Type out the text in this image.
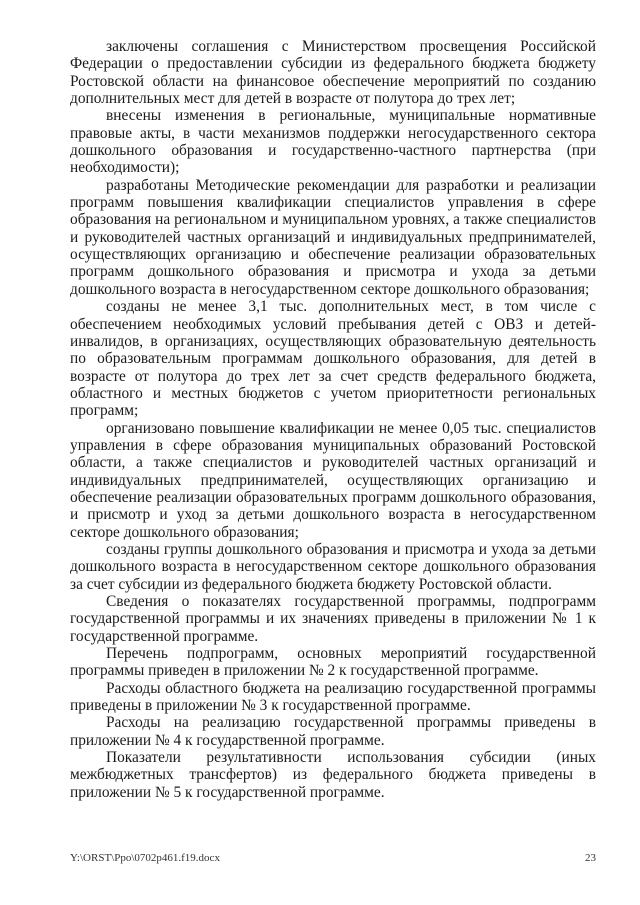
заключены соглашения с Министерством просвещения Российской Федерации о предоставлении субсидии из федерального бюджета бюджету Ростовской области на финансовое обеспечение мероприятий по созданию дополнительных мест для детей в возрасте от полутора до трех лет;

внесены изменения в региональные, муниципальные нормативные правовые акты, в части механизмов поддержки негосударственного сектора дошкольного образования и государственно-частного партнерства (при необходимости);

разработаны Методические рекомендации для разработки и реализации программ повышения квалификации специалистов управления в сфере образования на региональном и муниципальном уровнях, а также специалистов и руководителей частных организаций и индивидуальных предпринимателей, осуществляющих организацию и обеспечение реализации образовательных программ дошкольного образования и присмотра и ухода за детьми дошкольного возраста в негосударственном секторе дошкольного образования;

созданы не менее 3,1 тыс. дополнительных мест, в том числе с обеспечением необходимых условий пребывания детей с ОВЗ и детей-инвалидов, в организациях, осуществляющих образовательную деятельность по образовательным программам дошкольного образования, для детей в возрасте от полутора до трех лет за счет средств федерального бюджета, областного и местных бюджетов с учетом приоритетности региональных программ;

организовано повышение квалификации не менее 0,05 тыс. специалистов управления в сфере образования муниципальных образований Ростовской области, а также специалистов и руководителей частных организаций и индивидуальных предпринимателей, осуществляющих организацию и обеспечение реализации образовательных программ дошкольного образования, и присмотр и уход за детьми дошкольного возраста в негосударственном секторе дошкольного образования;

созданы группы дошкольного образования и присмотра и ухода за детьми дошкольного возраста в негосударственном секторе дошкольного образования за счет субсидии из федерального бюджета бюджету Ростовской области.

Сведения о показателях государственной программы, подпрограмм государственной программы и их значениях приведены в приложении № 1 к государственной программе.

Перечень подпрограмм, основных мероприятий государственной программы приведен в приложении № 2 к государственной программе.

Расходы областного бюджета на реализацию государственной программы приведены в приложении № 3 к государственной программе.

Расходы на реализацию государственной программы приведены в приложении № 4 к государственной программе.

Показатели результативности использования субсидии (иных межбюджетных трансфертов) из федерального бюджета приведены в приложении № 5 к государственной программе.

Y:\ORST\Ppo\0702p461.f19.docx	23
